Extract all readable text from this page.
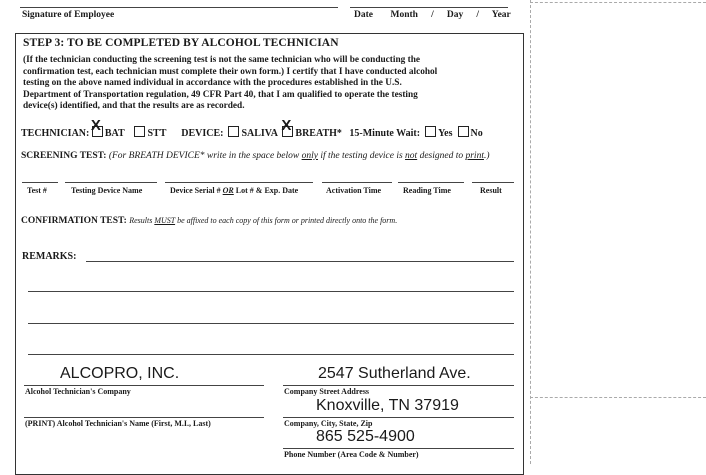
Signature of Employee	Date Month / Day / Year
STEP 3: TO BE COMPLETED BY ALCOHOL TECHNICIAN
(If the technician conducting the screening test is not the same technician who will be conducting the
confirmation test, each technician must complete their own form.) I certify that I have conducted alcohol
testing on the above named individual in accordance with the procedures established in the U.S.
Department of Transportation regulation, 49 CFR Part 40, that I am qualified to operate the testing
device(s) identified, and that the results are as recorded.
TECHNICIAN: X BAT STT DEVICE: SALIVA X BREATH* 15-Minute Wait: Yes No
SCREENING TEST: (For BREATH DEVICE* write in the space below only if the testing device is not designed to print.)
Test #	Testing Device Name	Device Serial # OR Lot # & Exp. Date	Activation Time	Reading Time	Result
CONFIRMATION TEST: Results MUST be affixed to each copy of this form or printed directly onto the form.
REMARKS:
ALCOPRO, INC.
Alcohol Technician's Company
2547 Sutherland Ave.
Company Street Address
Knoxville, TN 37919
(PRINT) Alcohol Technician's Name (First, M.I., Last)	Company, City, State, Zip
865 525-4900
Phone Number (Area Code & Number)
